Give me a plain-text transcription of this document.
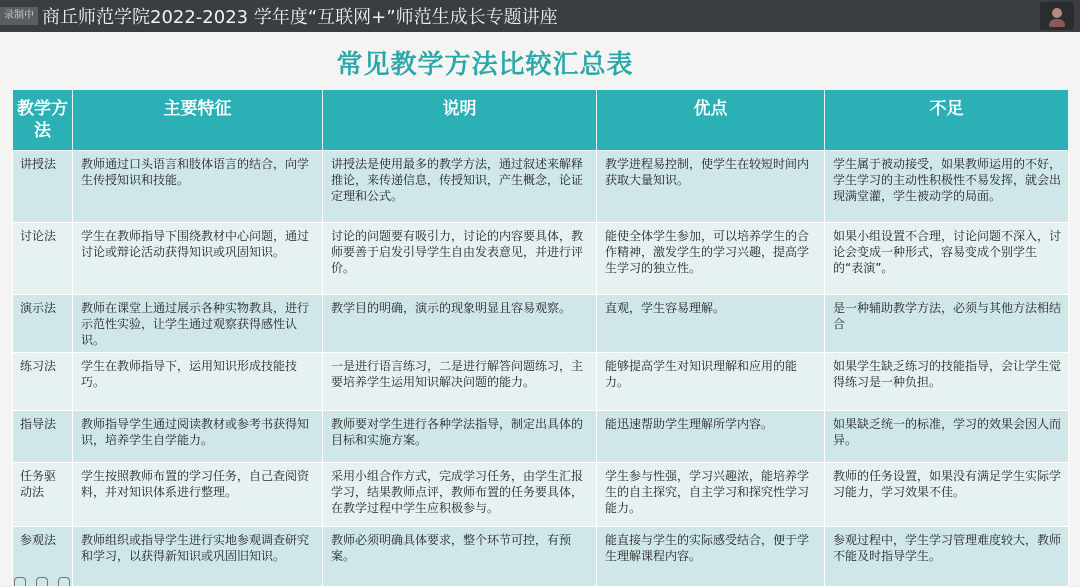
录制中 商丘师范学院2022-2023 学年度“互联网+”师范生成长专题讲座
常见教学方法比较汇总表
教学方法	主要特征	说明	优点	不足
讲授法	教师通过口头语言和肢体语言的结合，向学生传授知识和技能。	讲授法是使用最多的教学方法，通过叙述来解释推论，来传递信息，传授知识，产生概念，论证定理和公式。	教学进程易控制，使学生在较短时间内获取大量知识。	学生属于被动接受，如果教师运用的不好，学生学习的主动性积极性不易发挥，就会出现满堂灌，学生被动学的局面。
讨论法	学生在教师指导下围绕教材中心问题，通过讨论或辩论活动获得知识或巩固知识。	讨论的问题要有吸引力，讨论的内容要具体，教师要善于启发引导学生自由发表意见，并进行评价。	能使全体学生参加，可以培养学生的合作精神，激发学生的学习兴趣，提高学生学习的独立性。	如果小组设置不合理，讨论问题不深入，讨论会变成一种形式，容易变成个别学生的“表演”。
演示法	教师在课堂上通过展示各种实物教具，进行示范性实验，让学生通过观察获得感性认识。	教学目的明确，演示的现象明显且容易观察。	直观，学生容易理解。	是一种辅助教学方法，必须与其他方法相结合
练习法	学生在教师指导下，运用知识形成技能技巧。	一是进行语言练习，二是进行解答问题练习，主要培养学生运用知识解决问题的能力。	能够提高学生对知识理解和应用的能力。	如果学生缺乏练习的技能指导，会让学生觉得练习是一种负担。
指导法	教师指导学生通过阅读教材或参考书获得知识，培养学生自学能力。	教师要对学生进行各种学法指导，制定出具体的目标和实施方案。	能迅速帮助学生理解所学内容。	如果缺乏统一的标准，学习的效果会因人而异。
任务驱动法	学生按照教师布置的学习任务，自己查阅资料，并对知识体系进行整理。	采用小组合作方式，完成学习任务，由学生汇报学习，结果教师点评，教师布置的任务要具体，在教学过程中学生应积极参与。	学生参与性强，学习兴趣浓，能培养学生的自主探究，自主学习和探究性学习能力。	教师的任务设置，如果没有满足学生实际学习能力，学习效果不佳。
参观法	教师组织或指导学生进行实地参观调查研究和学习，以获得新知识或巩固旧知识。	教师必须明确具体要求，整个环节可控，有预案。	能直接与学生的实际感受结合，便于学生理解课程内容。	参观过程中，学生学习管理难度较大，教师不能及时指导学生。
